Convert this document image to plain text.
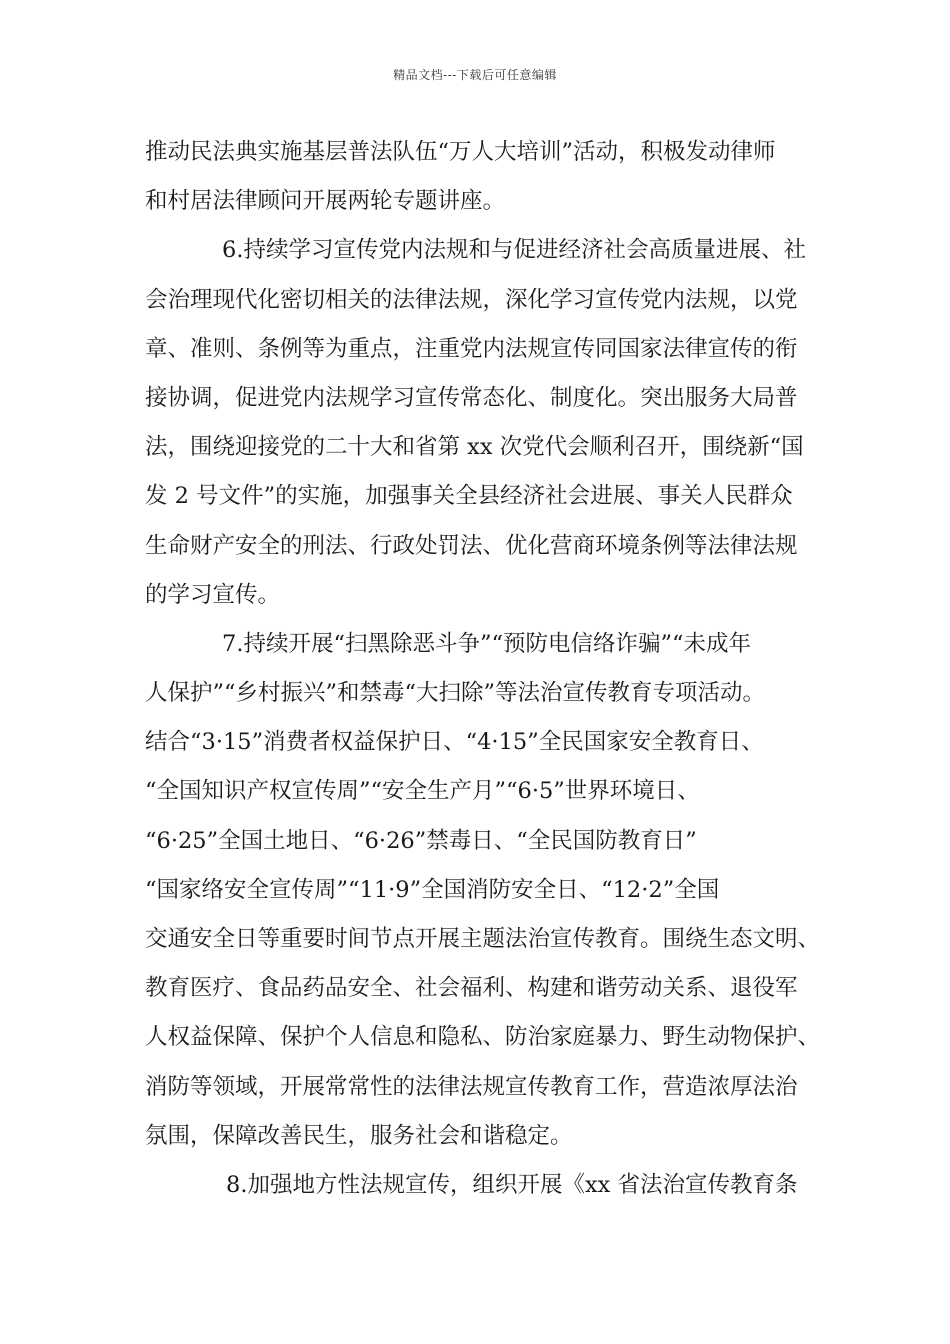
精品文档---下载后可任意编辑
推动民法典实施基层普法队伍“万人大培训”活动，积极发动律师
和村居法律顾问开展两轮专题讲座。
6.持续学习宣传党内法规和与促进经济社会高质量进展、社
会治理现代化密切相关的法律法规，深化学习宣传党内法规，以党
章、准则、条例等为重点，注重党内法规宣传同国家法律宣传的衔
接协调，促进党内法规学习宣传常态化、制度化。突出服务大局普
法，围绕迎接党的二十大和省第 xx 次党代会顺利召开，围绕新“国
发 2 号文件”的实施，加强事关全县经济社会进展、事关人民群众
生命财产安全的刑法、行政处罚法、优化营商环境条例等法律法规
的学习宣传。
7.持续开展“扫黑除恶斗争”“预防电信络诈骗”“未成年
人保护”“乡村振兴”和禁毒“大扫除”等法治宣传教育专项活动。
结合“3·15”消费者权益保护日、“4·15”全民国家安全教育日、
“全国知识产权宣传周”“安全生产月”“6·5”世界环境日、
“6·25”全国土地日、“6·26”禁毒日、“全民国防教育日”
“国家络安全宣传周”“11·9”全国消防安全日、“12·2”全国
交通安全日等重要时间节点开展主题法治宣传教育。围绕生态文明、
教育医疗、食品药品安全、社会福利、构建和谐劳动关系、退役军
人权益保障、保护个人信息和隐私、防治家庭暴力、野生动物保护、
消防等领域，开展常常性的法律法规宣传教育工作，营造浓厚法治
氛围，保障改善民生，服务社会和谐稳定。
8.加强地方性法规宣传，组织开展《xx 省法治宣传教育条
